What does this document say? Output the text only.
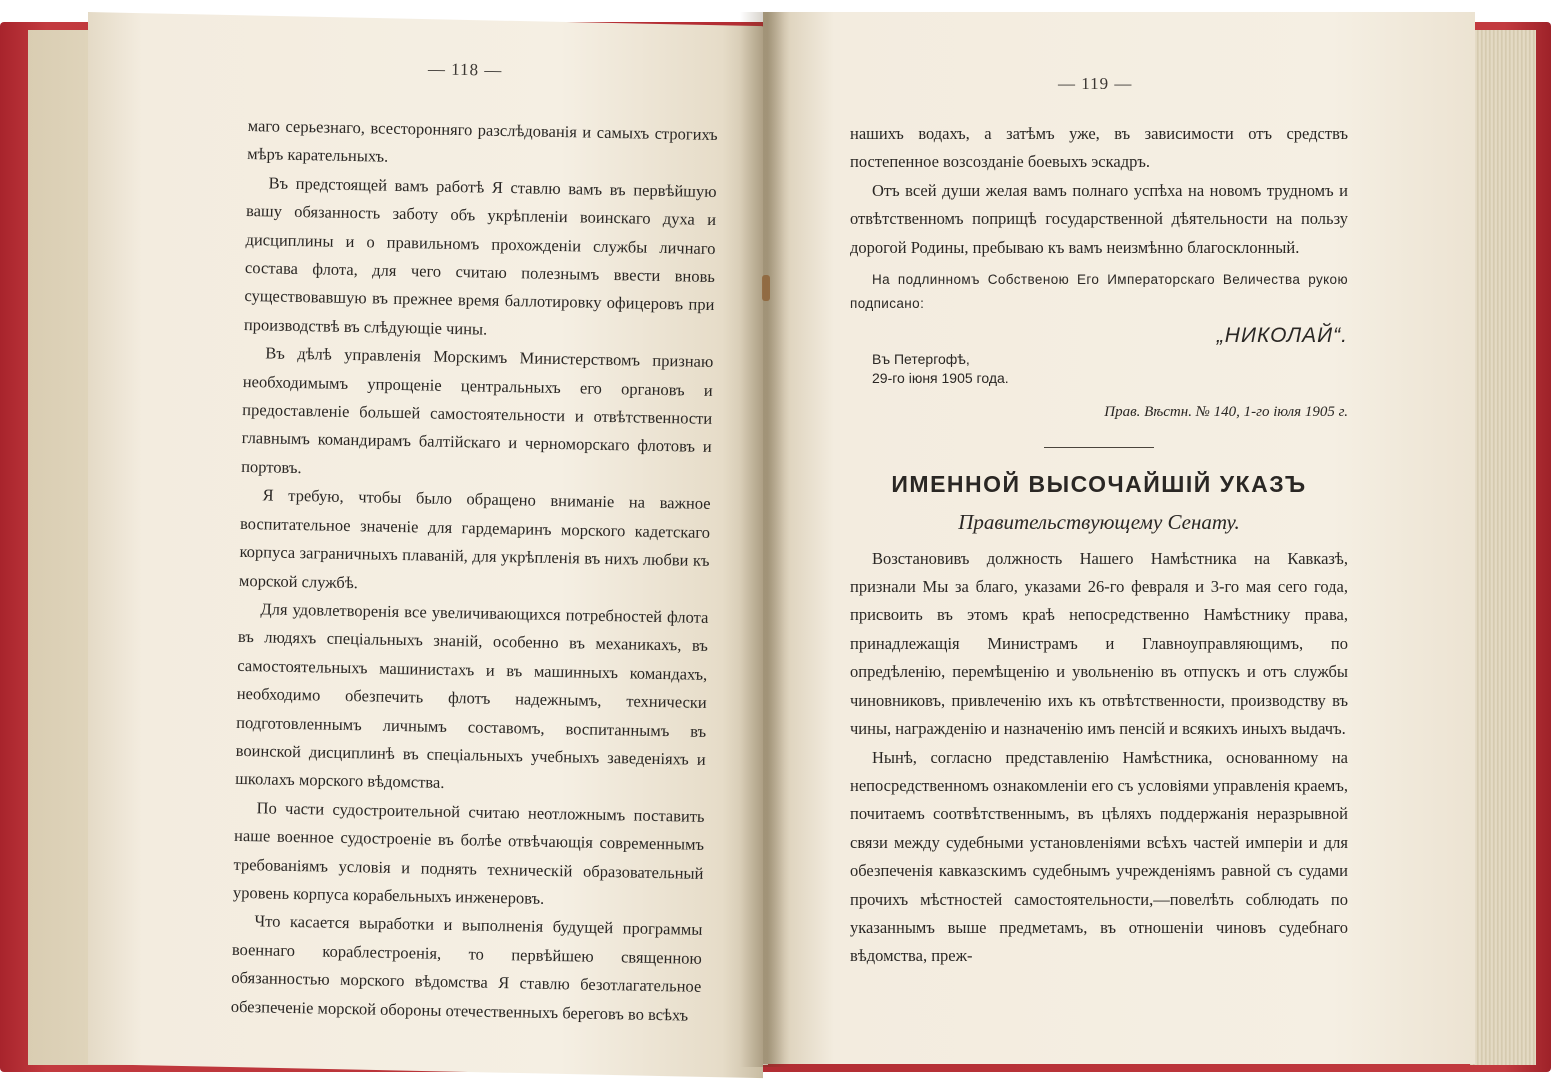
— 118 —
— 119 —

маго серьезнаго, всесторонняго разслѣдованія и самыхъ строгихъ мѣръ карательныхъ.

Въ предстоящей вамъ работѣ Я ставлю вамъ въ первѣйшую вашу обязанность заботу объ укрѣпленіи воинскаго духа и дисциплины и о правильномъ прохожденіи службы личнаго состава флота, для чего считаю полезнымъ ввести вновь существовавшую въ прежнее время баллотировку офицеровъ при производствѣ въ слѣдующіе чины.

Въ дѣлѣ управленія Морскимъ Министерствомъ признаю необходимымъ упрощеніе центральныхъ его органовъ и предоставленіе большей самостоятельности и отвѣтственности главнымъ командирамъ балтійскаго и черноморскаго флотовъ и портовъ.

Я требую, чтобы было обращено вниманіе на важное воспитательное значеніе для гардемаринъ морского кадетскаго корпуса заграничныхъ плаваній, для укрѣпленія въ нихъ любви къ морской службѣ.

Для удовлетворенія все увеличивающихся потребностей флота въ людяхъ спеціальныхъ знаній, особенно въ механикахъ, въ самостоятельныхъ машинистахъ и въ машинныхъ командахъ, необходимо обезпечить флотъ надежнымъ, технически подготовленнымъ личнымъ составомъ, воспитаннымъ въ воинской дисциплинѣ въ спеціальныхъ учебныхъ заведеніяхъ и школахъ морского вѣдомства.

По части судостроительной считаю неотложнымъ поставить наше военное судостроеніе въ болѣе отвѣчающія современнымъ требованіямъ условія и поднять техническій образовательный уровень корпуса корабельныхъ инженеровъ.

Что касается выработки и выполненія будущей программы военнаго кораблестроенія, то первѣйшею священною обязанностью морского вѣдомства Я ставлю безотлагательное обезпеченіе морской обороны отечественныхъ береговъ во всѣхъ

нашихъ водахъ, а затѣмъ уже, въ зависимости отъ средствъ постепенное возсозданіе боевыхъ эскадръ.

Отъ всей души желая вамъ полнаго успѣха на новомъ трудномъ и отвѣтственномъ поприщѣ государственной дѣятельности на пользу дорогой Родины, пребываю къ вамъ неизмѣнно благосклонный.

На подлинномъ Собственою Его Императорскаго Величества рукою подписано:

„НИКОЛАЙ“.

Въ Петергофѣ,
29-го іюня 1905 года.

Прав. Вѣстн. № 140, 1-го іюля 1905 г.

ИМЕННОЙ ВЫСОЧАЙШІЙ УКАЗЪ

Правительствующему Сенату.

Возстановивъ должность Нашего Намѣстника на Кавказѣ, признали Мы за благо, указами 26-го февраля и 3-го мая сего года, присвоить въ этомъ краѣ непосредственно Намѣстнику права, принадлежащія Министрамъ и Главноуправляющимъ, по опредѣленію, перемѣщенію и увольненію въ отпускъ и отъ службы чиновниковъ, привлеченію ихъ къ отвѣтственности, производству въ чины, награжденію и назначенію имъ пенсій и всякихъ иныхъ выдачъ.

Нынѣ, согласно представленію Намѣстника, основанному на непосредственномъ ознакомленіи его съ условіями управленія краемъ, почитаемъ соотвѣтственнымъ, въ цѣляхъ поддержанія неразрывной связи между судебными установленіями всѣхъ частей имперіи и для обезпеченія кавказскимъ судебнымъ учрежденіямъ равной съ судами прочихъ мѣстностей самостоятельности,—повелѣть соблюдать по указаннымъ выше предметамъ, въ отношеніи чиновъ судебнаго вѣдомства, преж-
